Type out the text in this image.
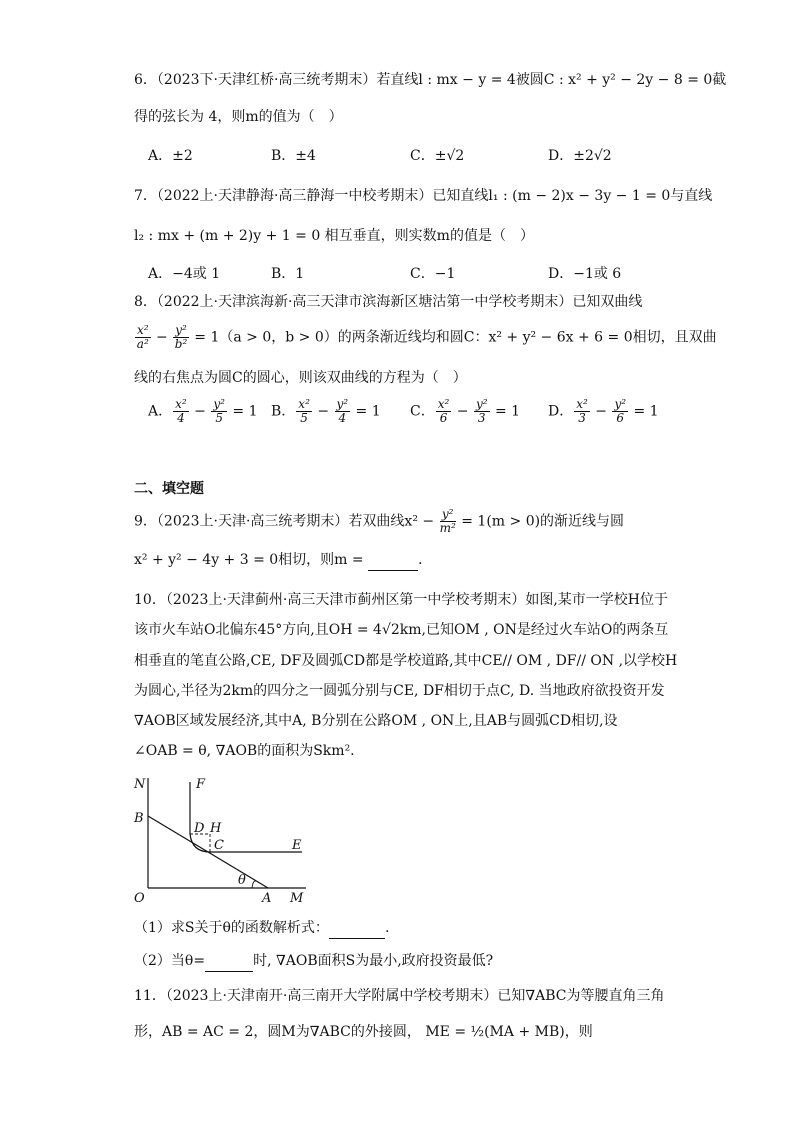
6．（2023下·天津红桥·高三统考期末）若直线l : mx − y = 4被圆C : x² + y² − 2y − 8 = 0截
得的弦长为 4，则m的值为（　）
A．±2	B．±4	C．±√2	D．±2√2
7．（2022上·天津静海·高三静海一中校考期末）已知直线l₁ : (m − 2)x − 3y − 1 = 0与直线
l₂ : mx + (m + 2)y + 1 = 0 相互垂直，则实数m的值是（　）
A．−4或 1	B．1	C．−1	D．−1或 6
8．（2022上·天津滨海新·高三天津市滨海新区塘沽第一中学校考期末）已知双曲线
$\frac{\text{x²}}{\text{a²}} - \frac{\text{y²}}{\text{b²}} = 1(a > 0$，b > 0）的两条渐近线均和圆C：x² + y² − 6x + 6 = 0相切，且双曲
线的右焦点为圆C的圆心，则该双曲线的方程为（　）
A． $\frac{\text{x²}}{4} - \frac{\text{y²}}{5} = 1$ B． $\frac{\text{x²}}{5} - \frac{\text{y²}}{4} = 1$ C． $\frac{\text{x²}}{6} - \frac{\text{y²}}{3} = 1$ D． $\frac{\text{x²}}{3} - \frac{\text{y²}}{6} = 1$
二、填空题
9．（2023上·天津·高三统考期末）若双曲线$x^2 - \frac{\text{y²}}{\text{m²}} = 1(m > 0)$的渐近线与圆
x² + y² − 4y + 3 = 0相切，则m =	．
10．（2023上·天津蓟州·高三天津市蓟州区第一中学校考期末）如图,某市一学校H位于
该市火车站O北偏东45°方向,且OH = 4√2km,已知OM , ON是经过火车站O的两条互
相垂直的笔直公路,CE, DF及圆弧CD都是学校道路,其中CE// OM , DF// ON ,以学校H
为圆心,半径为2km的四分之一圆弧分别与CE, DF相切于点C, D. 当地政府欲投资开发
∇AOB区域发展经济,其中A, B分别在公路OM , ON上,且AB与圆弧CD相切,设
∠OAB = θ, ∇AOB的面积为Skm².
N	F
B
D H
C	E
O	A M
θ
（1）求S关于θ的函数解析式：	.
（2）当θ=	时, ∇AOB面积S为最小,政府投资最低?
11．（2023上·天津南开·高三南开大学附属中学校考期末）已知∇ABC为等腰直角三角
形，AB = AC = 2，圆M为∇ABC的外接圆， ME = ½(MA + MB)，则
